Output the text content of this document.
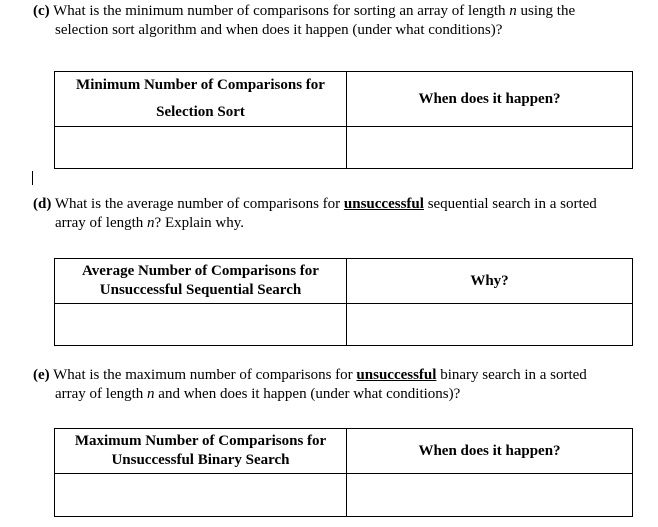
(c) What is the minimum number of comparisons for sorting an array of length n using the
selection sort algorithm and when does it happen (under what conditions)?
Minimum Number of Comparisons for
Selection Sort	When does it happen?

(d) What is the average number of comparisons for unsuccessful sequential search in a sorted
array of length n? Explain why.
Average Number of Comparisons for
Unsuccessful Sequential Search	Why?

(e) What is the maximum number of comparisons for unsuccessful binary search in a sorted
array of length n and when does it happen (under what conditions)?
Maximum Number of Comparisons for
Unsuccessful Binary Search	When does it happen?
